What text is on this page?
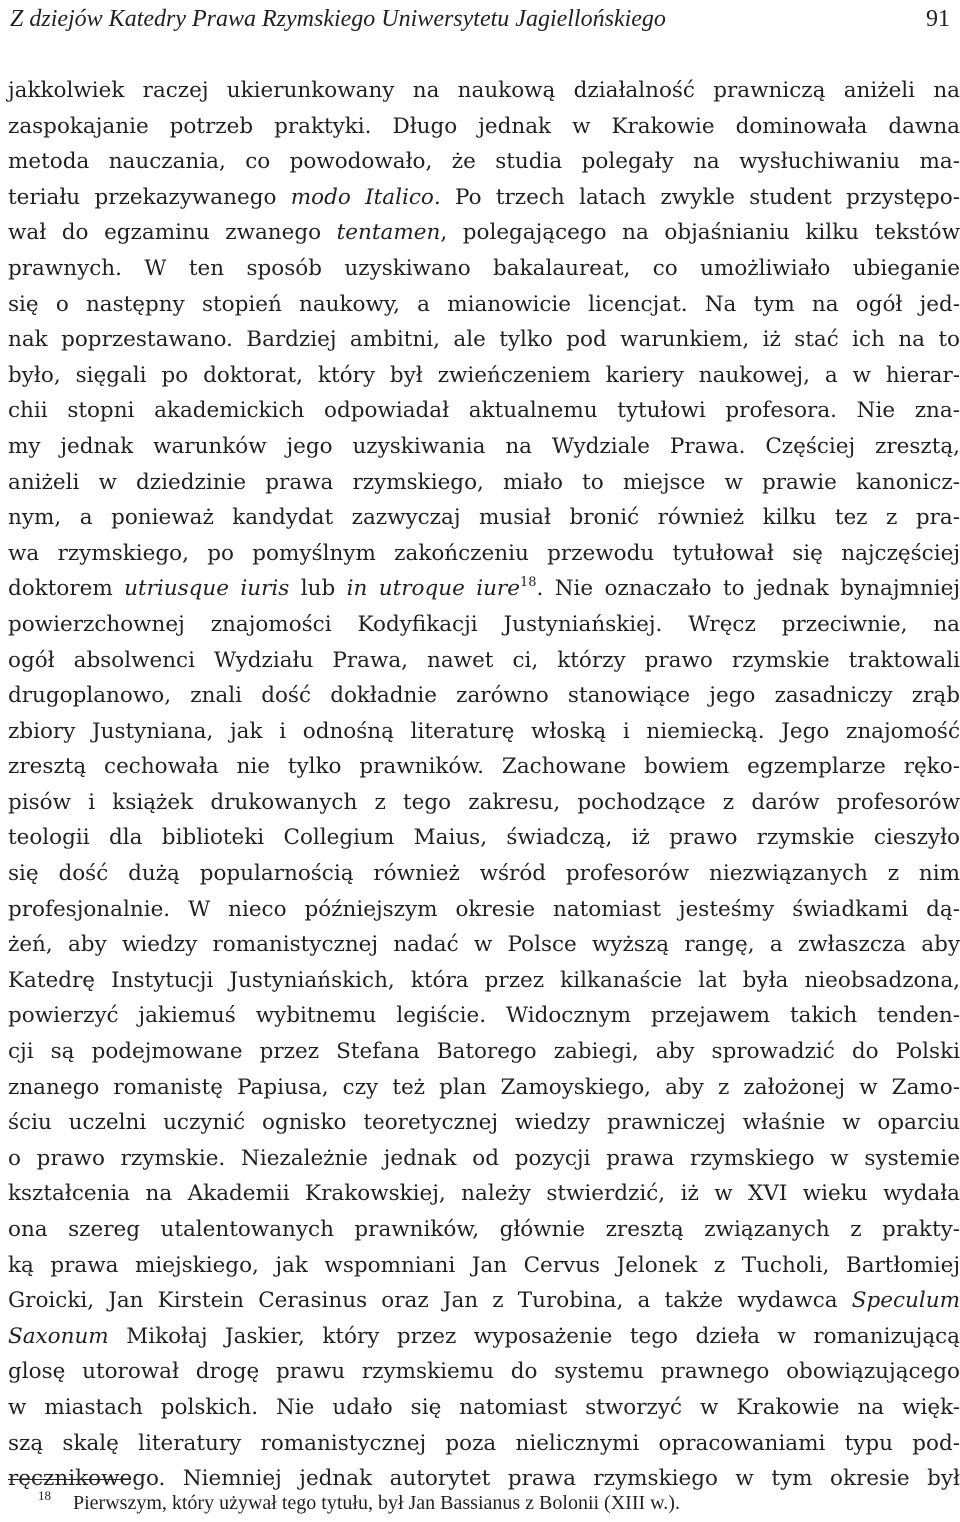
Z dziejów Katedry Prawa Rzymskiego Uniwersytetu Jagiellońskiego	91
jakkolwiek raczej ukierunkowany na naukową działalność prawniczą aniżeli na
zaspokajanie potrzeb praktyki. Długo jednak w Krakowie dominowała dawna
metoda nauczania, co powodowało, że studia polegały na wysłuchiwaniu ma-
teriału przekazywanego modo Italico. Po trzech latach zwykle student przystępo-
wał do egzaminu zwanego tentamen, polegającego na objaśnianiu kilku tekstów
prawnych. W ten sposób uzyskiwano bakalaureat, co umożliwiało ubieganie
się o następny stopień naukowy, a mianowicie licencjat. Na tym na ogół jed-
nak poprzestawano. Bardziej ambitni, ale tylko pod warunkiem, iż stać ich na to
było, sięgali po doktorat, który był zwieńczeniem kariery naukowej, a w hierar-
chii stopni akademickich odpowiadał aktualnemu tytułowi profesora. Nie zna-
my jednak warunków jego uzyskiwania na Wydziale Prawa. Częściej zresztą,
aniżeli w dziedzinie prawa rzymskiego, miało to miejsce w prawie kanonicz-
nym, a ponieważ kandydat zazwyczaj musiał bronić również kilku tez z pra-
wa rzymskiego, po pomyślnym zakończeniu przewodu tytułował się najczęściej
doktorem utriusque iuris lub in utroque iure$^{18}$. Nie oznaczało to jednak bynajmniej
powierzchownej znajomości Kodyfikacji Justyniańskiej. Wręcz przeciwnie, na
ogół absolwenci Wydziału Prawa, nawet ci, którzy prawo rzymskie traktowali
drugoplanowo, znali dość dokładnie zarówno stanowiące jego zasadniczy zrąb
zbiory Justyniana, jak i odnośną literaturę włoską i niemiecką. Jego znajomość
zresztą cechowała nie tylko prawników. Zachowane bowiem egzemplarze ręko-
pisów i książek drukowanych z tego zakresu, pochodzące z darów profesorów
teologii dla biblioteki Collegium Maius, świadczą, iż prawo rzymskie cieszyło
się dość dużą popularnością również wśród profesorów niezwiązanych z nim
profesjonalnie. W nieco późniejszym okresie natomiast jesteśmy świadkami dą-
żeń, aby wiedzy romanistycznej nadać w Polsce wyższą rangę, a zwłaszcza aby
Katedrę Instytucji Justyniańskich, która przez kilkanaście lat była nieobsadzona,
powierzyć jakiemuś wybitnemu legiście. Widocznym przejawem takich tenden-
cji są podejmowane przez Stefana Batorego zabiegi, aby sprowadzić do Polski
znanego romanistę Papiusa, czy też plan Zamoyskiego, aby z założonej w Zamo-
ściu uczelni uczynić ognisko teoretycznej wiedzy prawniczej właśnie w oparciu
o prawo rzymskie. Niezależnie jednak od pozycji prawa rzymskiego w systemie
kształcenia na Akademii Krakowskiej, należy stwierdzić, iż w XVI wieku wydała
ona szereg utalentowanych prawników, głównie zresztą związanych z prakty-
ką prawa miejskiego, jak wspomniani Jan Cervus Jelonek z Tucholi, Bartłomiej
Groicki, Jan Kirstein Cerasinus oraz Jan z Turobina, a także wydawca Speculum
Saxonum Mikołaj Jaskier, który przez wyposażenie tego dzieła w romanizującą
glosę utorował drogę prawu rzymskiemu do systemu prawnego obowiązującego
w miastach polskich. Nie udało się natomiast stworzyć w Krakowie na więk-
szą skalę literatury romanistycznej poza nielicznymi opracowaniami typu pod-
ręcznikowego. Niemniej jednak autorytet prawa rzymskiego w tym okresie był
18 Pierwszym, który używał tego tytułu, był Jan Bassianus z Bolonii (XIII w.).
